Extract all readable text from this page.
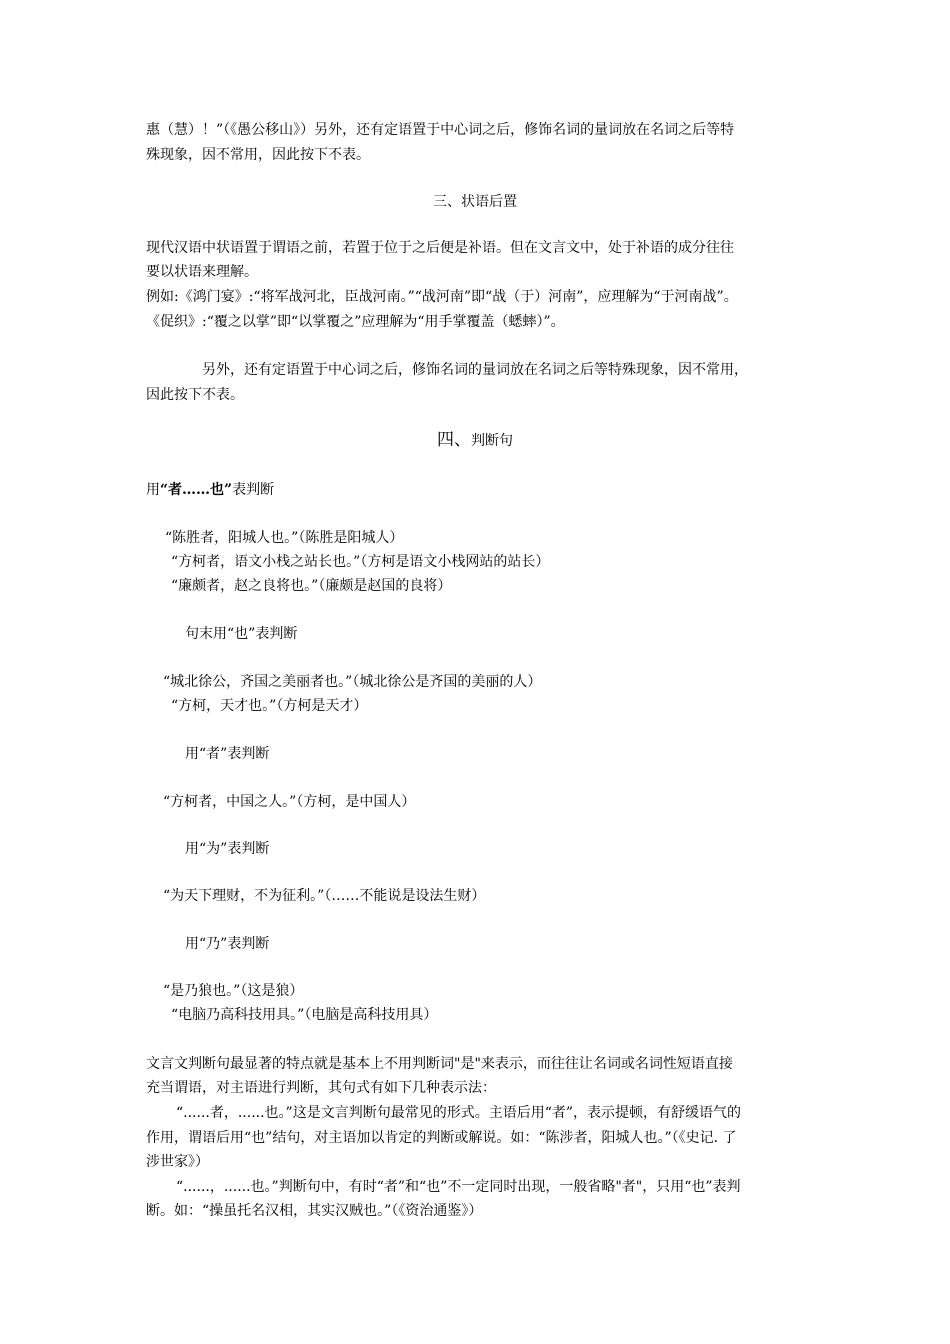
惠（慧）！”（《愚公移山》）另外，还有定语置于中心词之后，修饰名词的量词放在名词之后等特
殊现象，因不常用，因此按下不表。
三、状语后置
现代汉语中状语置于谓语之前，若置于位于之后便是补语。但在文言文中，处于补语的成分往往
要以状语来理解。
例如:《鸿门宴》:“将军战河北，臣战河南。”“战河南”即“战（于）河南”，应理解为“于河南战”。
《促织》:“覆之以掌”即“以掌覆之”应理解为“用手掌覆盖（蟋蟀）”。
另外，还有定语置于中心词之后，修饰名词的量词放在名词之后等特殊现象，因不常用，
因此按下不表。
四、判断句
用“者……也”表判断
“陈胜者，阳城人也。”（陈胜是阳城人）
“方柯者，语文小栈之站长也。”（方柯是语文小栈网站的站长）
“廉颇者，赵之良将也。”（廉颇是赵国的良将）
句末用“也”表判断
“城北徐公，齐国之美丽者也。”（城北徐公是齐国的美丽的人）
“方柯，天才也。”（方柯是天才）
用“者”表判断
“方柯者，中国之人。”（方柯，是中国人）
用“为”表判断
“为天下理财，不为征利。”（……不能说是设法生财）
用“乃”表判断
“是乃狼也。”（这是狼）
“电脑乃高科技用具。”（电脑是高科技用具）
文言文判断句最显著的特点就是基本上不用判断词"是"来表示，而往往让名词或名词性短语直接
充当谓语，对主语进行判断，其句式有如下几种表示法：
“......者，......也。”这是文言判断句最常见的形式。主语后用“者”，表示提顿，有舒缓语气的
作用，谓语后用“也”结句，对主语加以肯定的判断或解说。如：“陈涉者，阳城人也。”（《史记. 了
涉世家》）
“......，......也。”判断句中，有时“者”和“也”不一定同时出现，一般省略"者"，只用“也”表判
断。如：“操虽托名汉相，其实汉贼也。”（《资治通鉴》）
